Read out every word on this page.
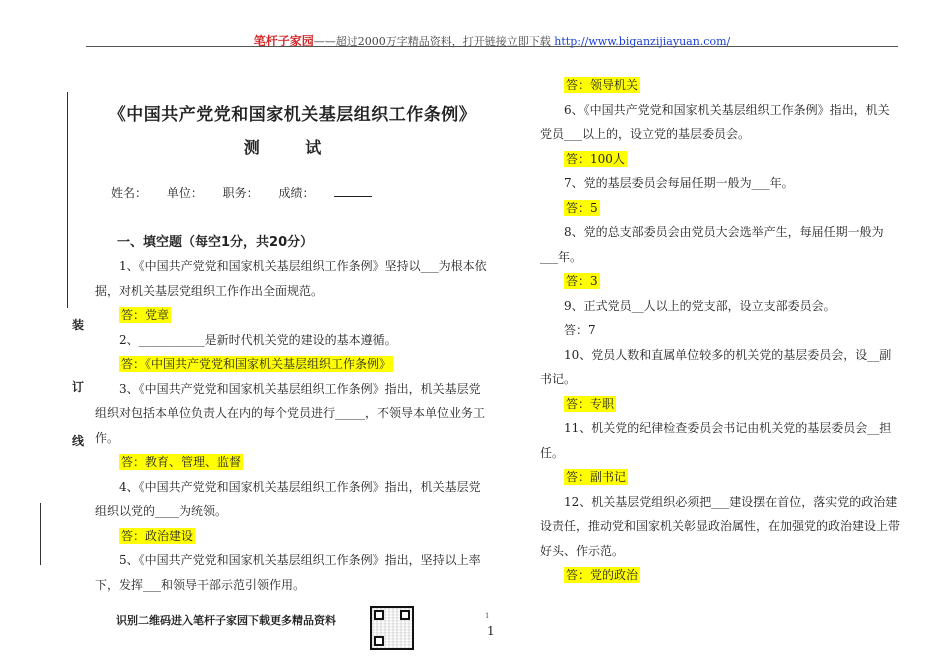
笔杆子家园——超过2000万字精品资料，打开链接立即下载 http://www.biganzijiayuan.com/
装
订
线
《中国共产党党和国家机关基层组织工作条例》
测 试
姓名： 单位： 职务： 成绩：
一、填空题（每空1分，共20分）

1、《中国共产党党和国家机关基层组织工作条例》坚持以___为根本依据，对机关基层党组织工作作出全面规范。

答：党章

2、___________是新时代机关党的建设的基本遵循。

答：《中国共产党党和国家机关基层组织工作条例》

3、《中国共产党党和国家机关基层组织工作条例》指出，机关基层党组织对包括本单位负责人在内的每个党员进行_____，不领导本单位业务工作。

答：教育、管理、监督

4、《中国共产党党和国家机关基层组织工作条例》指出，机关基层党组织以党的____为统领。

答：政治建设

5、《中国共产党党和国家机关基层组织工作条例》指出，坚持以上率下，发挥___和领导干部示范引领作用。

答：领导机关

6、《中国共产党党和国家机关基层组织工作条例》指出，机关党员___以上的，设立党的基层委员会。

答：100人

7、党的基层委员会每届任期一般为___年。

答：5

8、党的总支部委员会由党员大会选举产生，每届任期一般为___年。

答：3

9、正式党员__人以上的党支部，设立支部委员会。

答：7

10、党员人数和直属单位较多的机关党的基层委员会，设__副书记。

答：专职

11、机关党的纪律检查委员会书记由机关党的基层委员会__担任。

答：副书记

12、机关基层党组织必须把___建设摆在首位，落实党的政治建设责任，推动党和国家机关彰显政治属性，在加强党的政治建设上带好头、作示范。

答：党的政治

识别二维码进入笔杆子家园下载更多精品资料	1
1
